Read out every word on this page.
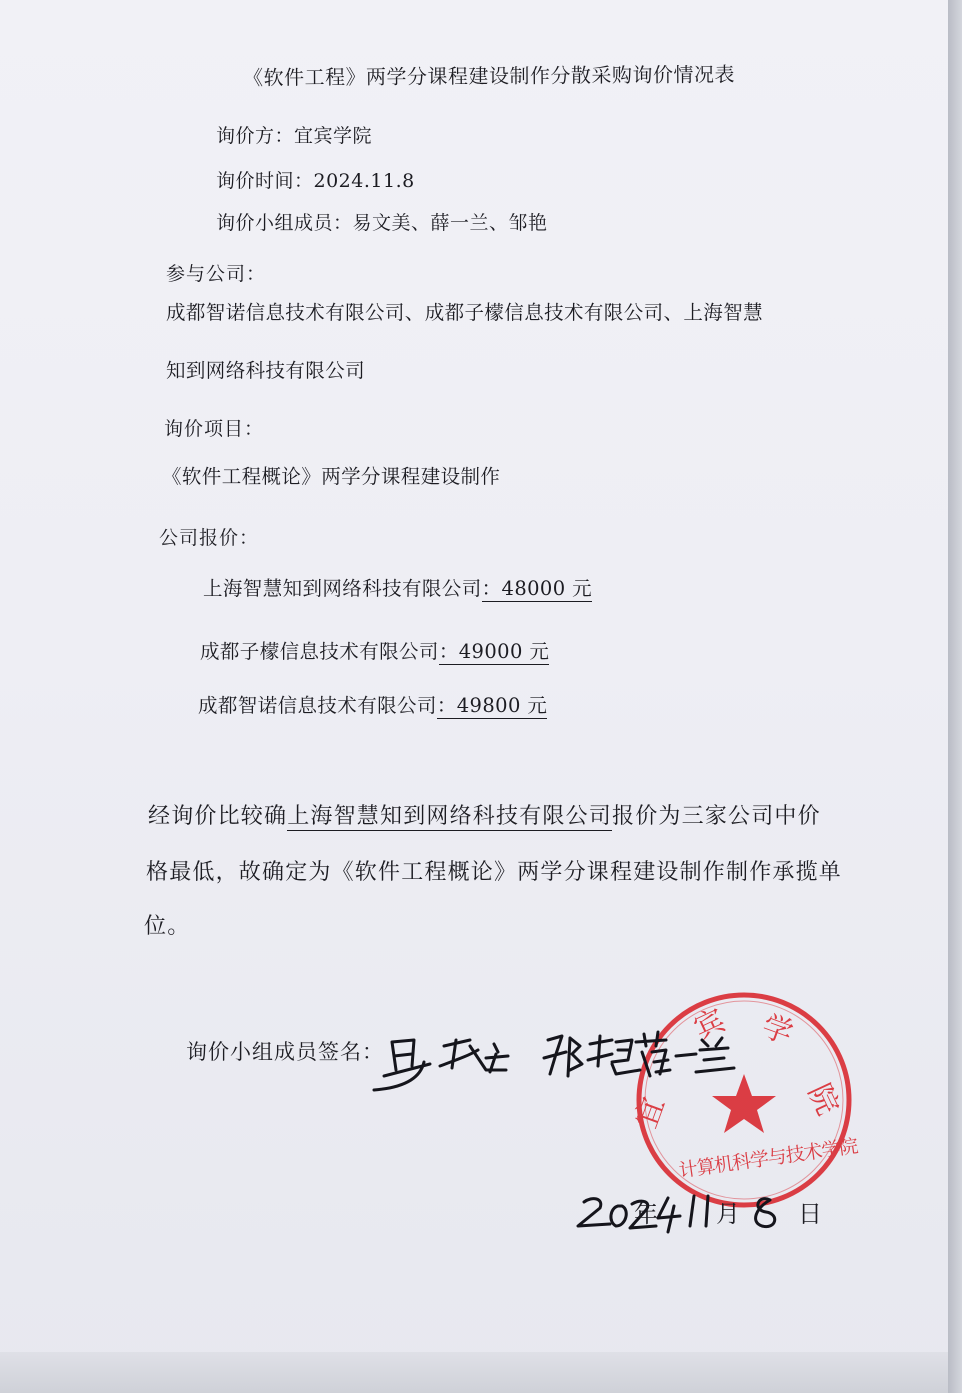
《软件工程》两学分课程建设制作分散采购询价情况表
询价方：宜宾学院
询价时间：2024.11.8
询价小组成员：易文美、薛一兰、邹艳
参与公司：
成都智诺信息技术有限公司、成都子檬信息技术有限公司、上海智慧
知到网络科技有限公司
询价项目：
《软件工程概论》两学分课程建设制作
公司报价：
上海智慧知到网络科技有限公司：48000 元
成都子檬信息技术有限公司：49000 元
成都智诺信息技术有限公司：49800 元
经询价比较确上海智慧知到网络科技有限公司报价为三家公司中价
格最低，故确定为《软件工程概论》两学分课程建设制作制作承揽单
位。
询价小组成员签名：
宜
宾 学
院
计算机科学与技术学院
年 月 日
